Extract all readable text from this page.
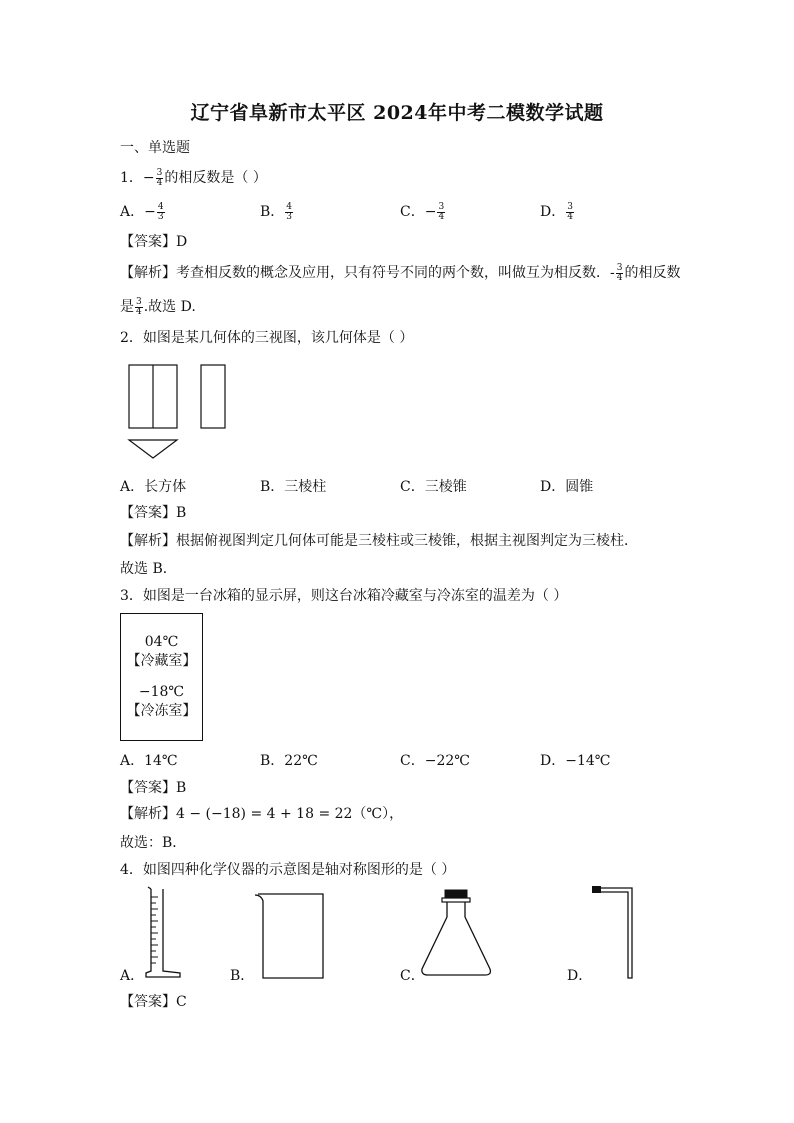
辽宁省阜新市太平区 2024年中考二模数学试题
一、单选题
1．− $\frac{3}{4}$ 的相反数是（ ）
A．− $\frac{4}{3}$	B． $\frac{4}{3}$	C．− $\frac{3}{4}$	D． $\frac{3}{4}$
【答案】D
【解析】考查相反数的概念及应用，只有符号不同的两个数，叫做互为相反数．- $\frac{3}{4}$ 的相反数
是 $\frac{3}{4}$ .故选 D.
2．如图是某几何体的三视图，该几何体是（ ）
A．长方体	B．三棱柱	C．三棱锥	D．圆锥
【答案】B
【解析】根据俯视图判定几何体可能是三棱柱或三棱锥，根据主视图判定为三棱柱．
故选 B．
3．如图是一台冰箱的显示屏，则这台冰箱冷藏室与冷冻室的温差为（ ）
04℃
【冷藏室】
−18℃
【冷冻室】
A．14℃	B．22℃	C．−22℃	D．−14℃
【答案】B
【解析】4 − (−18) = 4 + 18 = 22（℃），
故选：B．
4．如图四种化学仪器的示意图是轴对称图形的是（ ）
A．	B．	C．	D．
【答案】C
